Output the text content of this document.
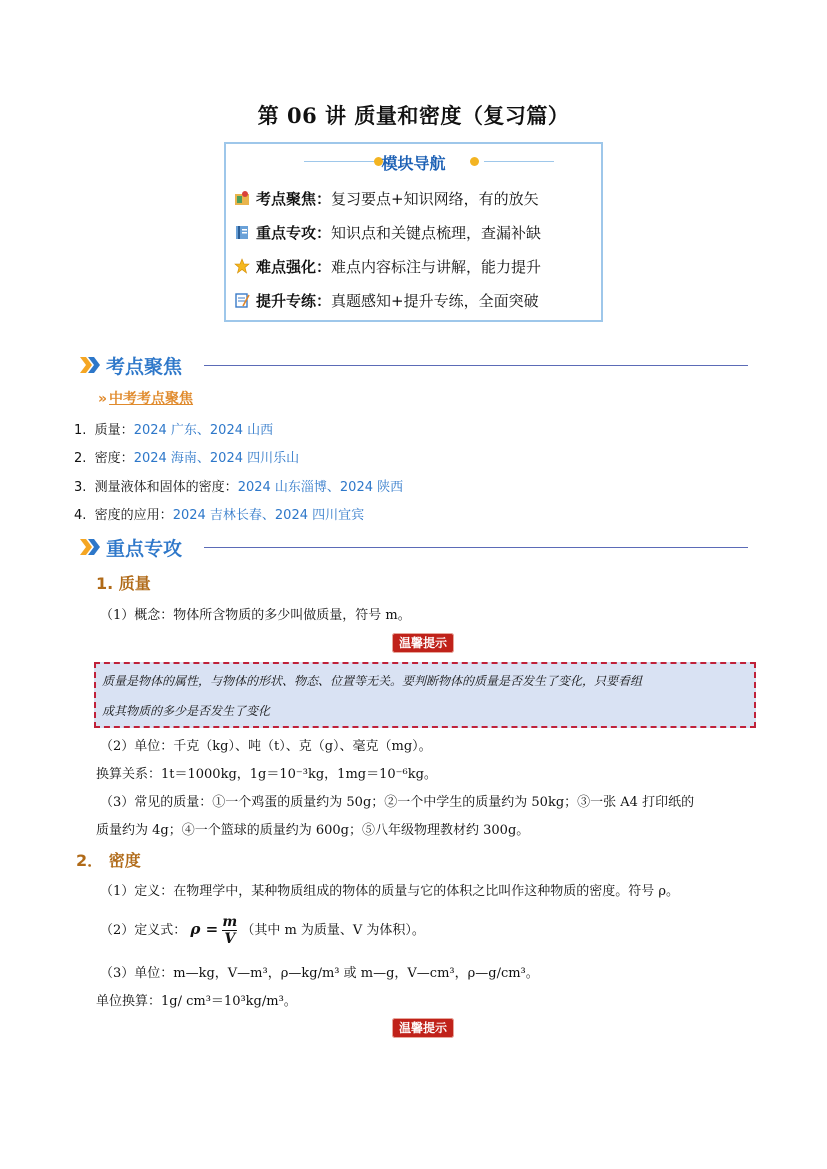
第 06 讲 质量和密度（复习篇）
模块导航
考点聚焦：复习要点+知识网络，有的放矢
重点专攻：知识点和关键点梳理，查漏补缺
难点强化：难点内容标注与讲解，能力提升
提升专练：真题感知+提升专练，全面突破
考点聚焦
» 中考考点聚焦
1. 质量：2024 广东、2024 山西
2. 密度：2024 海南、2024 四川乐山
3. 测量液体和固体的密度：2024 山东淄博、2024 陕西
4. 密度的应用：2024 吉林长春、2024 四川宜宾
重点专攻
1. 质量
（1）概念：物体所含物质的多少叫做质量，符号 m。
温馨提示
质量是物体的属性，与物体的形状、物态、位置等无关。要判断物体的质量是否发生了变化，只要看组
成其物质的多少是否发生了变化
（2）单位：千克（kg）、吨（t）、克（g）、毫克（mg）。
换算关系：1t＝1000kg，1g＝10⁻³kg，1mg＝10⁻⁶kg。
（3）常见的质量：①一个鸡蛋的质量约为 50g；②一个中学生的质量约为 50kg；③一张 A4 打印纸的
质量约为 4g；④一个篮球的质量约为 600g；⑤八年级物理教材约 300g。
2． 密度
（1）定义：在物理学中，某种物质组成的物体的质量与它的体积之比叫作这种物质的密度。符号 ρ。
（2）定义式： $\rho = \frac{m}{V}$ （其中 m 为质量、V 为体积）。
（3）单位：m—kg，V—m³，ρ—kg/m³ 或 m—g，V—cm³，ρ—g/cm³。
单位换算：1g/ cm³＝10³kg/m³。
温馨提示
